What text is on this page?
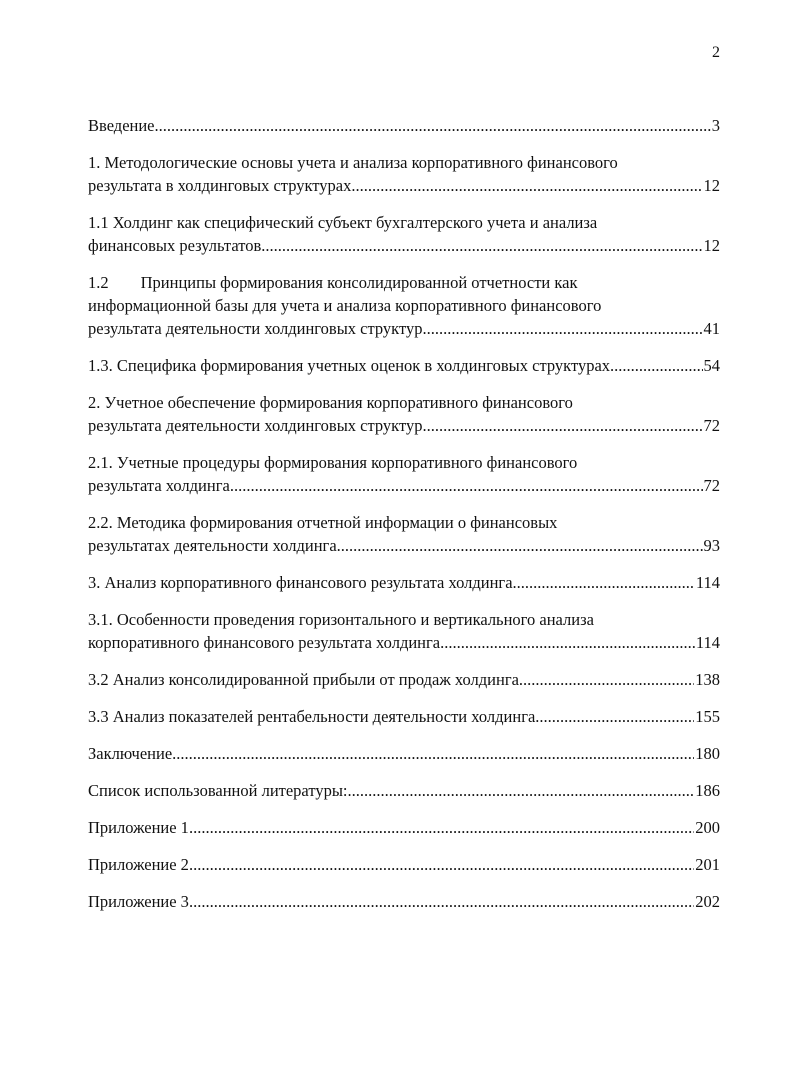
2
Введение .....	3
1. Методологические основы учета и анализа корпоративного финансового
результата в холдинговых структурах .....	12
1.1 Холдинг как специфический субъект бухгалтерского учета и анализа
финансовых результатов .....	12
1.2 Принципы формирования консолидированной отчетности как
информационной базы для учета и анализа корпоративного финансового
результата деятельности холдинговых структур .....	41
1.3. Специфика формирования учетных оценок в холдинговых структурах .....	54
2. Учетное обеспечение формирования корпоративного финансового
результата деятельности холдинговых структур .....	72
2.1. Учетные процедуры формирования корпоративного финансового
результата холдинга .....	72
2.2. Методика формирования отчетной информации о финансовых
результатах деятельности холдинга .....	93
3. Анализ корпоративного финансового результата холдинга .....	114
3.1. Особенности проведения горизонтального и вертикального анализа
корпоративного финансового результата холдинга .....	114
3.2 Анализ консолидированной прибыли от продаж холдинга .....	138
3.3 Анализ показателей рентабельности деятельности холдинга .....	155
Заключение .....	180
Список использованной литературы: .....	186
Приложение 1 .....	200
Приложение 2 .....	201
Приложение 3 .....	202
